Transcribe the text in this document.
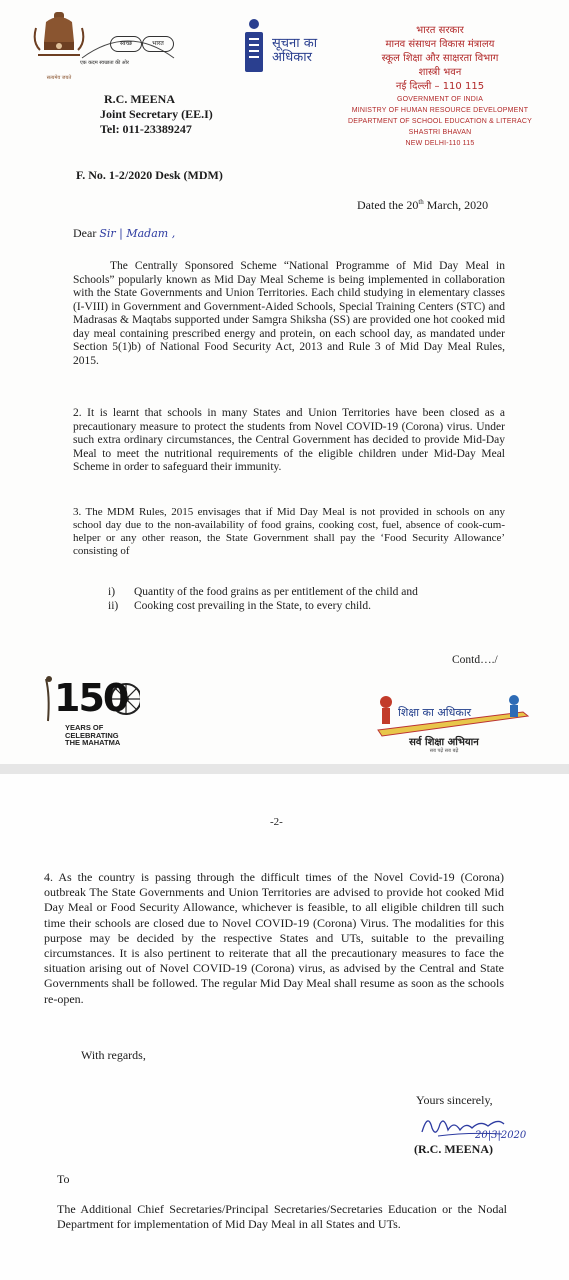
सत्यमेव जयते
स्वच्छ	भारत
एक कदम स्वच्छता की ओर
सूचना का
अधिकार
भारत सरकार
मानव संसाधन विकास मंत्रालय
स्कूल शिक्षा और साक्षरता विभाग
शास्त्री भवन
नई दिल्ली – 110 115
GOVERNMENT OF INDIA
MINISTRY OF HUMAN RESOURCE DEVELOPMENT
DEPARTMENT OF SCHOOL EDUCATION & LITERACY
SHASTRI BHAVAN
NEW DELHI-110 115
R.C. MEENA
Joint Secretary (EE.I)
Tel: 011-23389247
F. No. 1-2/2020 Desk (MDM)
Dated the 20th March, 2020
Dear Sir | Madam ,
The Centrally Sponsored Scheme “National Programme of Mid Day Meal in Schools” popularly known as Mid Day Meal Scheme is being implemented in collaboration with the State Governments and Union Territories. Each child studying in elementary classes (I-VIII) in Government and Government-Aided Schools, Special Training Centers (STC) and Madrasas & Maqtabs supported under Samgra Shiksha (SS) are provided one hot cooked mid day meal containing prescribed energy and protein, on each school day, as mandated under Section 5(1)b) of National Food Security Act, 2013 and Rule 3 of Mid Day Meal Rules, 2015.
2. It is learnt that schools in many States and Union Territories have been closed as a precautionary measure to protect the students from Novel COVID-19 (Corona) virus. Under such extra ordinary circumstances, the Central Government has decided to provide Mid-Day Meal to meet the nutritional requirements of the eligible children under Mid-Day Meal Scheme in order to safeguard their immunity.
3. The MDM Rules, 2015 envisages that if Mid Day Meal is not provided in schools on any school day due to the non-availability of food grains, cooking cost, fuel, absence of cook-cum-helper or any other reason, the State Government shall pay the ‘Food Security Allowance’ consisting of
i) Quantity of the food grains as per entitlement of the child and
ii) Cooking cost prevailing in the State, to every child.
Contd…./
150
YEARS OF
CELEBRATING
THE MAHATMA
शिक्षा का अधिकार
सर्व शिक्षा अभियान
सब पढ़ें सब बढ़ें
-2-
4. As the country is passing through the difficult times of the Novel Covid-19 (Corona) outbreak The State Governments and Union Territories are advised to provide hot cooked Mid Day Meal or Food Security Allowance, whichever is feasible, to all eligible children till such time their schools are closed due to Novel COVID-19 (Corona) Virus. The modalities for this purpose may be decided by the respective States and UTs, suitable to the prevailing circumstances. It is also pertinent to reiterate that all the precautionary measures to face the situation arising out of Novel COVID-19 (Corona) virus, as advised by the Central and State Governments shall be followed. The regular Mid Day Meal shall resume as soon as the schools re-open.
With regards,
Yours sincerely,
(R.C. MEENA)
20|3|2020
To
The Additional Chief Secretaries/Principal Secretaries/Secretaries Education or the Nodal Department for implementation of Mid Day Meal in all States and UTs.
